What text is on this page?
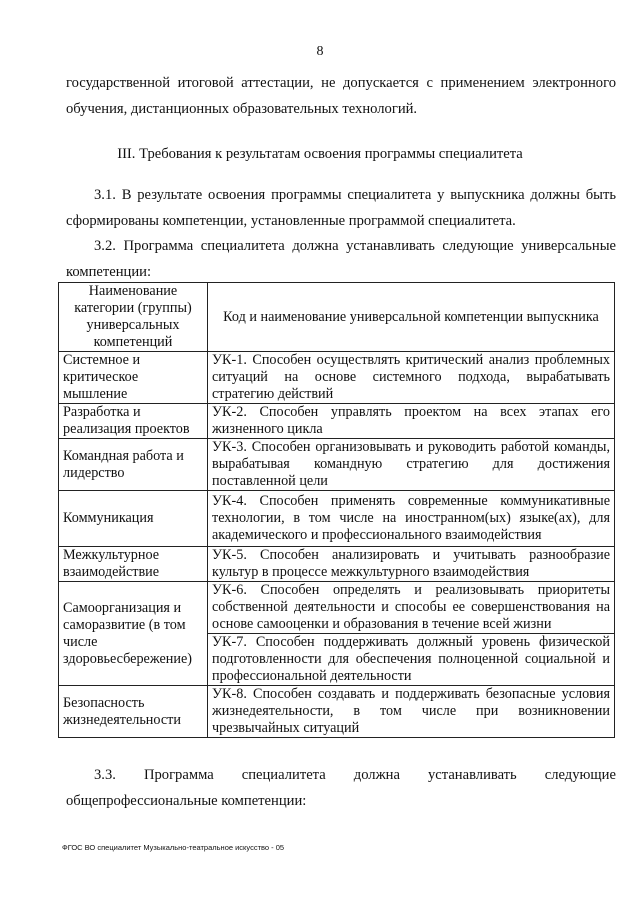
8
государственной итоговой аттестации, не допускается с применением электронного обучения, дистанционных образовательных технологий.
III. Требования к результатам освоения программы специалитета
3.1. В результате освоения программы специалитета у выпускника должны быть сформированы компетенции, установленные программой специалитета.
3.2. Программа специалитета должна устанавливать следующие универсальные компетенции:
Наименование категории (группы) универсальных компетенций	Код и наименование универсальной компетенции выпускника
Системное и критическое мышление	УК-1. Способен осуществлять критический анализ проблемных ситуаций на основе системного подхода, вырабатывать стратегию действий
Разработка и реализация проектов	УК-2. Способен управлять проектом на всех этапах его жизненного цикла
Командная работа и лидерство	УК-3. Способен организовывать и руководить работой команды, вырабатывая командную стратегию для достижения поставленной цели
Коммуникация	УК-4. Способен применять современные коммуникативные технологии, в том числе на иностранном(ых) языке(ах), для академического и профессионального взаимодействия
Межкультурное взаимодействие	УК-5. Способен анализировать и учитывать разнообразие культур в процессе межкультурного взаимодействия
Самоорганизация и саморазвитие (в том числе здоровьесбережение)	УК-6. Способен определять и реализовывать приоритеты собственной деятельности и способы ее совершенствования на основе самооценки и образования в течение всей жизни
УК-7. Способен поддерживать должный уровень физической подготовленности для обеспечения полноценной социальной и профессиональной деятельности

Безопасность жизнедеятельности	УК-8. Способен создавать и поддерживать безопасные условия жизнедеятельности, в том числе при возникновении чрезвычайных ситуаций
3.3.	Программа	специалитета	должна	устанавливать	следующие
общепрофессиональные компетенции:
ФГОС ВО специалитет Музыкально-театральное искусство - 05
